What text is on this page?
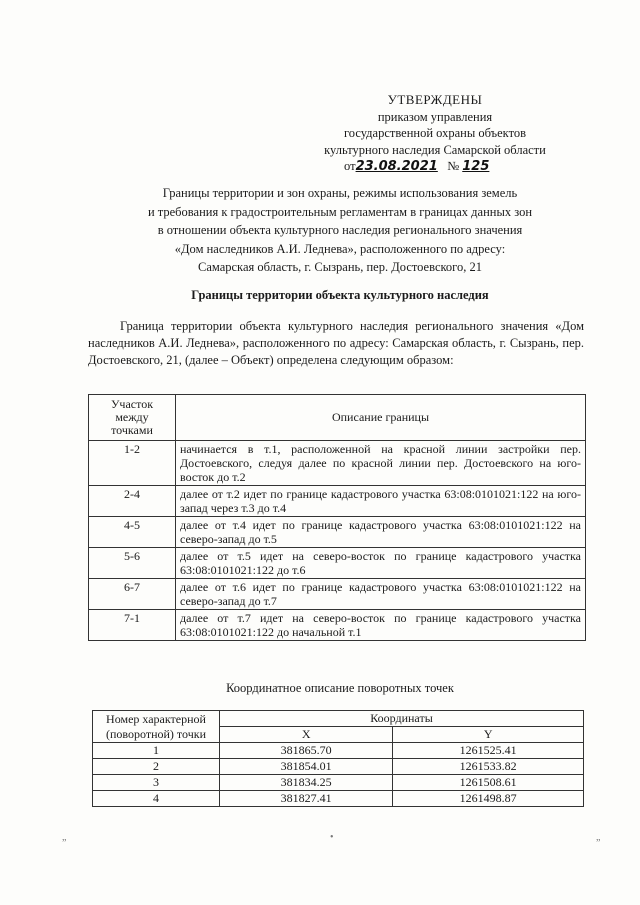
УТВЕРЖДЕНЫ
приказом управления
государственной охраны объектов
культурного наследия Самарской области
от23.08.2021 № 125
Границы территории и зон охраны, режимы использования земель
и требования к градостроительным регламентам в границах данных зон
в отношении объекта культурного наследия регионального значения
«Дом наследников А.И. Леднева», расположенного по адресу:
Самарская область, г. Сызрань, пер. Достоевского, 21
Границы территории объекта культурного наследия
Граница территории объекта культурного наследия регионального значения «Дом наследников А.И. Леднева», расположенного по адресу: Самарская область, г. Сызрань, пер. Достоевского, 21, (далее – Объект) определена следующим образом:
Участок между точками	Описание границы
1-2	начинается в т.1, расположенной на красной линии застройки пер. Достоевского, следуя далее по красной линии пер. Достоевского на юго-восток до т.2
2-4	далее от т.2 идет по границе кадастрового участка 63:08:0101021:122 на юго-запад через т.3 до т.4
4-5	далее от т.4 идет по границе кадастрового участка 63:08:0101021:122 на северо-запад до т.5
5-6	далее от т.5 идет на северо-восток по границе кадастрового участка 63:08:0101021:122 до т.6
6-7	далее от т.6 идет по границе кадастрового участка 63:08:0101021:122 на северо-запад до т.7
7-1	далее от т.7 идет на северо-восток по границе кадастрового участка 63:08:0101021:122 до начальной т.1
Координатное описание поворотных точек
Номер характерной (поворотной) точки	Координаты	
	X	Y
1	381865.70	1261525.41
2	381854.01	1261533.82
3	381834.25	1261508.61
4	381827.41	1261498.87
„	•	„
